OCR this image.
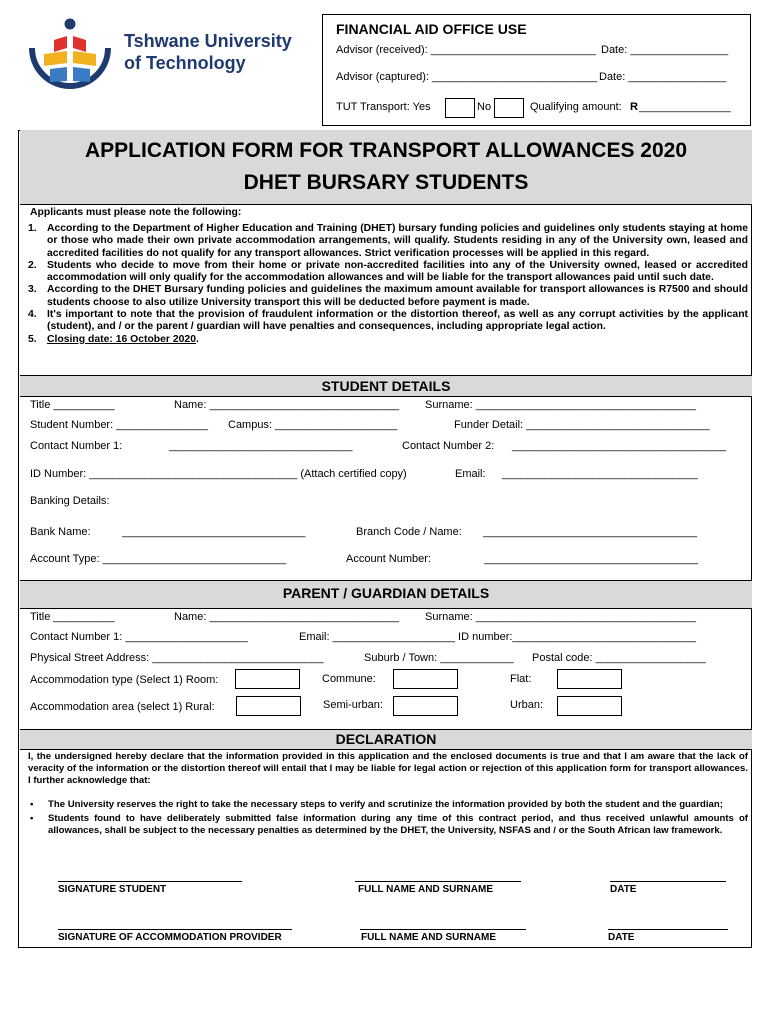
Tshwane University
of Technology
FINANCIAL AID OFFICE USE
Advisor (received): ___________________________ Date: ________________
Advisor (captured): ___________________________ Date: ________________
TUT Transport: Yes	No	Qualifying amount: R _______________
APPLICATION FORM FOR TRANSPORT ALLOWANCES 2020
DHET BURSARY STUDENTS
Applicants must please note the following:
1. According to the Department of Higher Education and Training (DHET) bursary funding policies and guidelines only students staying at home or those who made their own private accommodation arrangements, will qualify. Students residing in any of the University own, leased and accredited facilities do not qualify for any transport allowances. Strict verification processes will be applied in this regard.
2. Students who decide to move from their home or private non-accredited facilities into any of the University owned, leased or accredited accommodation will only qualify for the accommodation allowances and will be liable for the transport allowances paid until such date.
3. According to the DHET Bursary funding policies and guidelines the maximum amount available for transport allowances is R7500 and should students choose to also utilize University transport this will be deducted before payment is made.
4. It's important to note that the provision of fraudulent information or the distortion thereof, as well as any corrupt activities by the applicant (student), and / or the parent / guardian will have penalties and consequences, including appropriate legal action.
5. Closing date: 16 October 2020.
STUDENT DETAILS
Title __________	Name: _______________________________ Surname: ____________________________________
Student Number: _______________ Campus: ____________________	Funder Detail: ______________________________
Contact Number 1:	______________________________	Contact Number 2: ___________________________________
ID Number: __________________________________ (Attach certified copy)	Email: ________________________________
Banking Details:
Bank Name:	______________________________	Branch Code / Name: ___________________________________
Account Type: ______________________________	Account Number:	___________________________________
PARENT / GUARDIAN DETAILS
Title __________	Name: _______________________________ Surname: ____________________________________
Contact Number 1: ____________________	Email: ____________________ ID number:______________________________
Physical Street Address: ____________________________	Suburb / Town: ____________ Postal code: __________________
Accommodation type (Select 1) Room:	Commune:	Flat:
Accommodation area (select 1) Rural:	Semi-urban:	Urban:
DECLARATION
I, the undersigned hereby declare that the information provided in this application and the enclosed documents is true and that I am aware that the lack of veracity of the information or the distortion thereof will entail that I may be liable for legal action or rejection of this application form for transport allowances. I further acknowledge that:
•	The University reserves the right to take the necessary steps to verify and scrutinize the information provided by both the student and the guardian;
•	Students found to have deliberately submitted false information during any time of this contract period, and thus received unlawful amounts of allowances, shall be subject to the necessary penalties as determined by the DHET, the University, NSFAS and / or the South African law framework.
SIGNATURE STUDENT	FULL NAME AND SURNAME	DATE
SIGNATURE OF ACCOMMODATION PROVIDER	FULL NAME AND SURNAME	DATE
